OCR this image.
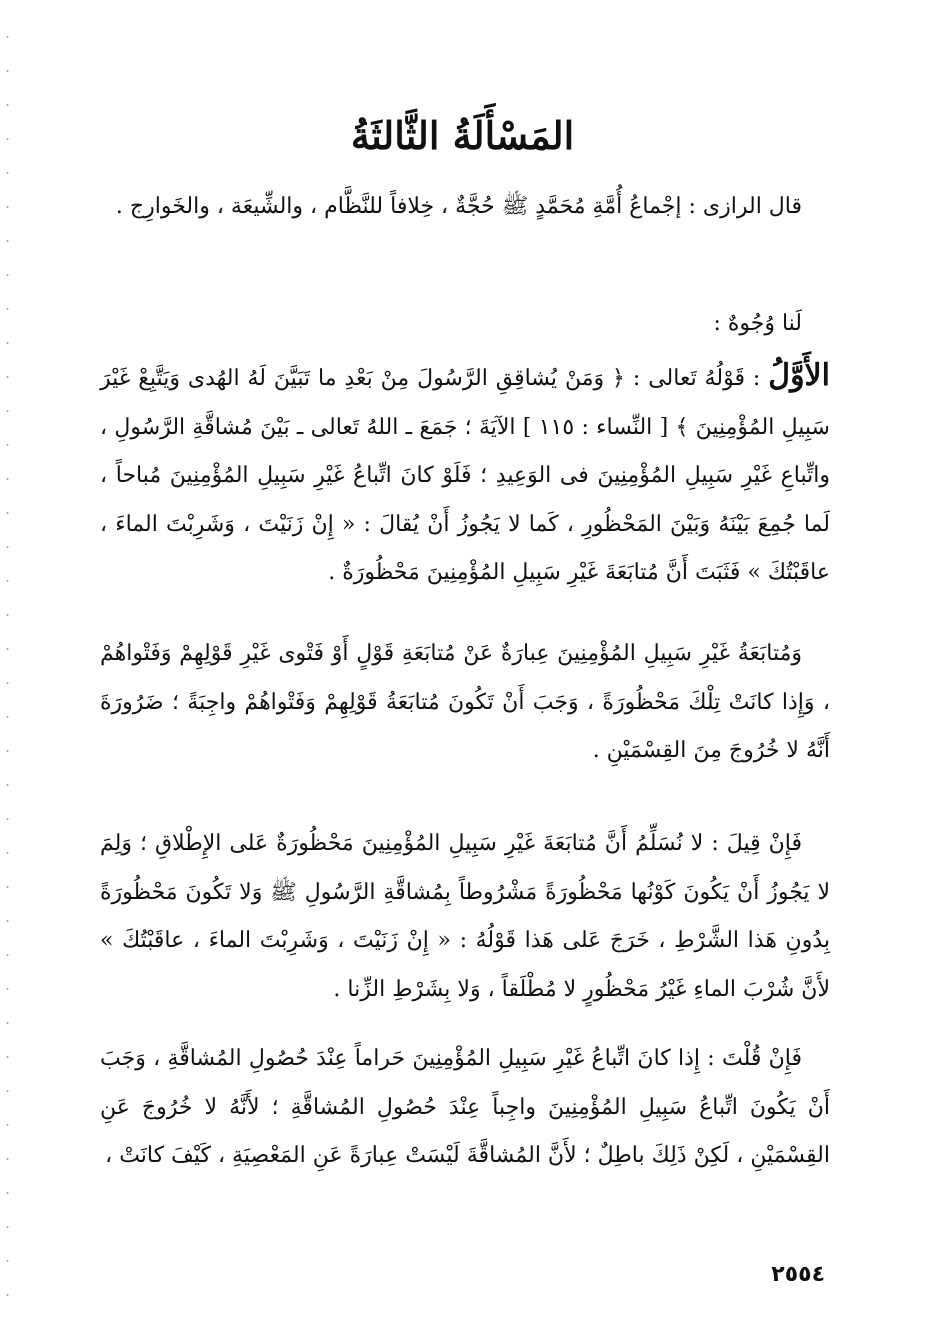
المَسْأَلَةُ الثَّالثَةُ

قال الرازى : إجْماعُ أُمَّةِ مُحَمَّدٍ ﷺ حُجَّةٌ ، خِلافاً للنَّظَّام ، والشِّيعَة ، والخَوارِج .

لَنا وُجُوهٌ :

الأَوَّلُ : قَوْلُهُ تَعالى : ﴿ وَمَنْ يُشاقِقِ الرَّسُولَ مِنْ بَعْدِ ما تَبَيَّنَ لَهُ الهُدى وَيَتَّبِعْ غَيْرَ سَبِيلِ المُؤْمِنِينَ ﴾ [ النِّساء : ١١٥ ] الآيَةَ ؛ جَمَعَ ـ اللهُ تَعالى ـ بَيْنَ مُشاقَّةِ الرَّسُولِ ، واتِّباعِ غَيْرِ سَبِيلِ المُؤْمِنِينَ فى الوَعِيدِ ؛ فَلَوْ كانَ اتِّباعُ غَيْرِ سَبِيلِ المُؤْمِنِينَ مُباحاً ، لَما جُمِعَ بَيْنَهُ وَبَيْنَ المَحْظُورِ ، كَما لا يَجُوزُ أَنْ يُقالَ : « إِنْ زَنَيْتَ ، وَشَرِبْتَ الماءَ ، عاقَبْتُكَ » فَثَبَتَ أَنَّ مُتابَعَةَ غَيْرِ سَبِيلِ المُؤْمِنِينَ مَحْظُورَةٌ .

وَمُتابَعَةُ غَيْرِ سَبِيلِ المُؤْمِنِينَ عِبارَةٌ عَنْ مُتابَعَةِ قَوْلٍ أَوْ فَتْوى غَيْرِ قَوْلِهِمْ وَفَتْواهُمْ ، وَإِذا كانَتْ تِلْكَ مَحْظُورَةً ، وَجَبَ أَنْ تَكُونَ مُتابَعَةُ قَوْلِهِمْ وَفَتْواهُمْ واجِبَةً ؛ ضَرُورَةَ أَنَّهُ لا خُرُوجَ مِنَ القِسْمَيْنِ .

فَإِنْ قِيلَ : لا نُسَلِّمُ أَنَّ مُتابَعَةَ غَيْرِ سَبِيلِ المُؤْمِنِينَ مَحْظُورَةٌ عَلى الإِطْلاقِ ؛ وَلِمَ لا يَجُوزُ أَنْ يَكُونَ كَوْنُها مَحْظُورَةً مَشْرُوطاً بِمُشاقَّةِ الرَّسُولِ ﷺ وَلا تَكُونَ مَحْظُورَةً بِدُونِ هَذا الشَّرْطِ ، خَرَجَ عَلى هَذا قَوْلُهُ : « إِنْ زَنَيْتَ ، وَشَرِبْتَ الماءَ ، عاقَبْتُكَ » لأَنَّ شُرْبَ الماءِ غَيْرُ مَحْظُورٍ لا مُطْلَقاً ، وَلا بِشَرْطِ الزِّنا .

فَإِنْ قُلْتَ : إِذا كانَ اتِّباعُ غَيْرِ سَبِيلِ المُؤْمِنِينَ حَراماً عِنْدَ حُصُولِ المُشاقَّةِ ، وَجَبَ أَنْ يَكُونَ اتِّباعُ سَبِيلِ المُؤْمِنِينَ واجِباً عِنْدَ حُصُولِ المُشاقَّةِ ؛ لأَنَّهُ لا خُرُوجَ عَنِ القِسْمَيْنِ ، لَكِنْ ذَلِكَ باطِلٌ ؛ لأَنَّ المُشاقَّةَ لَيْسَتْ عِبارَةً عَنِ المَعْصِيَةِ ، كَيْفَ كانَتْ ،

٢٥٥٤
